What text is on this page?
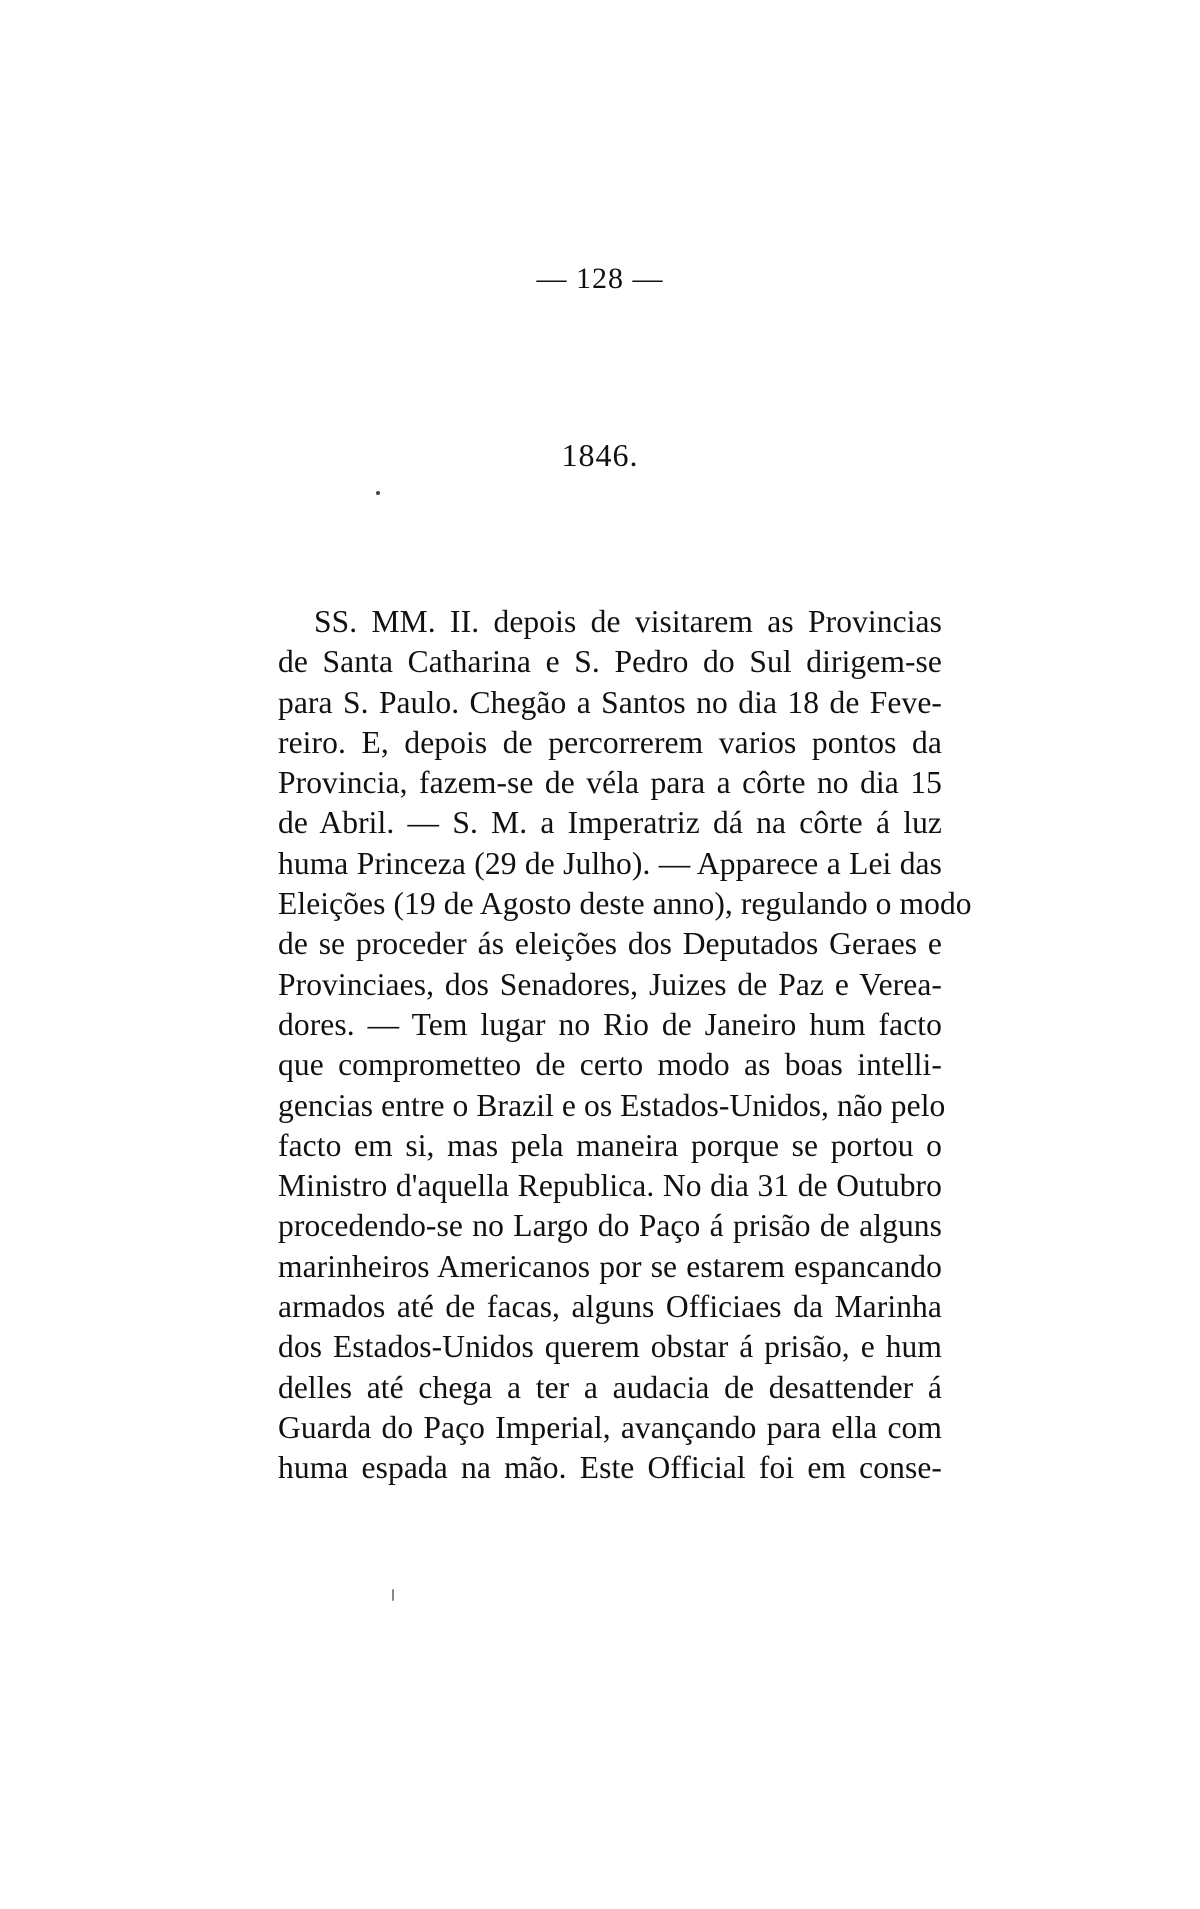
— 128 —
1846.
SS. MM. II. depois de visitarem as Provincias
de Santa Catharina e S. Pedro do Sul dirigem-se
para S. Paulo. Chegão a Santos no dia 18 de Feve-
reiro. E, depois de percorrerem varios pontos da
Provincia, fazem-se de véla para a côrte no dia 15
de Abril. — S. M. a Imperatriz dá na côrte á luz
huma Princeza (29 de Julho). — Apparece a Lei das
Eleições (19 de Agosto deste anno), regulando o modo
de se proceder ás eleições dos Deputados Geraes e
Provinciaes, dos Senadores, Juizes de Paz e Verea-
dores. — Tem lugar no Rio de Janeiro hum facto
que comprometteo de certo modo as boas intelli-
gencias entre o Brazil e os Estados-Unidos, não pelo
facto em si, mas pela maneira porque se portou o
Ministro d'aquella Republica. No dia 31 de Outubro
procedendo-se no Largo do Paço á prisão de alguns
marinheiros Americanos por se estarem espancando
armados até de facas, alguns Officiaes da Marinha
dos Estados-Unidos querem obstar á prisão, e hum
delles até chega a ter a audacia de desattender á
Guarda do Paço Imperial, avançando para ella com
huma espada na mão. Este Official foi em conse-
